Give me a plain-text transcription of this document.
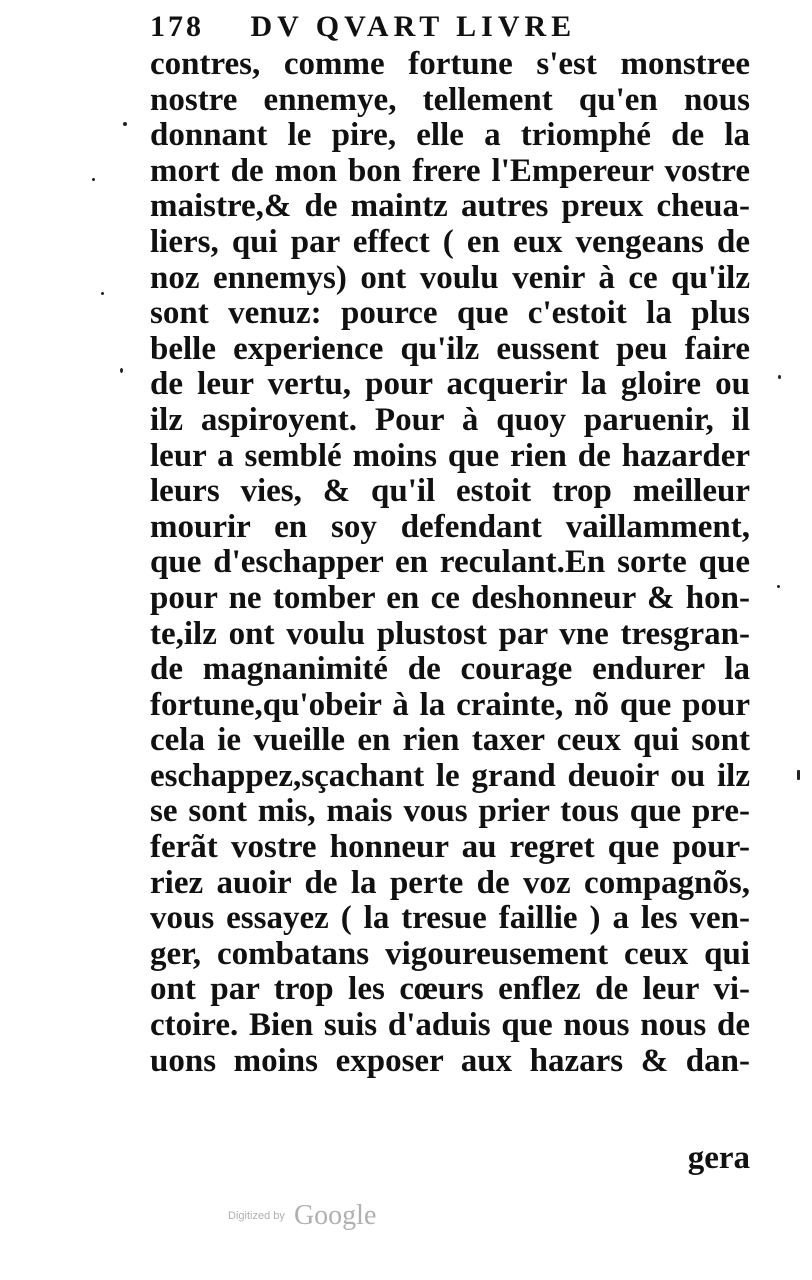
178 DV QVART LIVRE
contres, comme fortune s'est monstree
nostre ennemye, tellement qu'en nous
donnant le pire, elle a triomphé de la
mort de mon bon frere l'Empereur vostre
maistre,& de maintz autres preux cheua-
liers, qui par effect ( en eux vengeans de
noz ennemys) ont voulu venir à ce qu'ilz
sont venuz: pource que c'estoit la plus
belle experience qu'ilz eussent peu faire
de leur vertu, pour acquerir la gloire ou
ilz aspiroyent. Pour à quoy paruenir, il
leur a semblé moins que rien de hazarder
leurs vies, & qu'il estoit trop meilleur
mourir en soy defendant vaillamment,
que d'eschapper en reculant.En sorte que
pour ne tomber en ce deshonneur & hon-
te,ilz ont voulu plustost par vne tresgran-
de magnanimité de courage endurer la
fortune,qu'obeir à la crainte, nõ que pour
cela ie vueille en rien taxer ceux qui sont
eschappez,sçachant le grand deuoir ou ilz
se sont mis, mais vous prier tous que pre-
ferãt vostre honneur au regret que pour-
riez auoir de la perte de voz compagnõs,
vous essayez ( la tresue faillie ) a les ven-
ger, combatans vigoureusement ceux qui
ont par trop les cœurs enflez de leur vi-
ctoire. Bien suis d'aduis que nous nous de
uons moins exposer aux hazars & dan-
gera
Digitized by Google
